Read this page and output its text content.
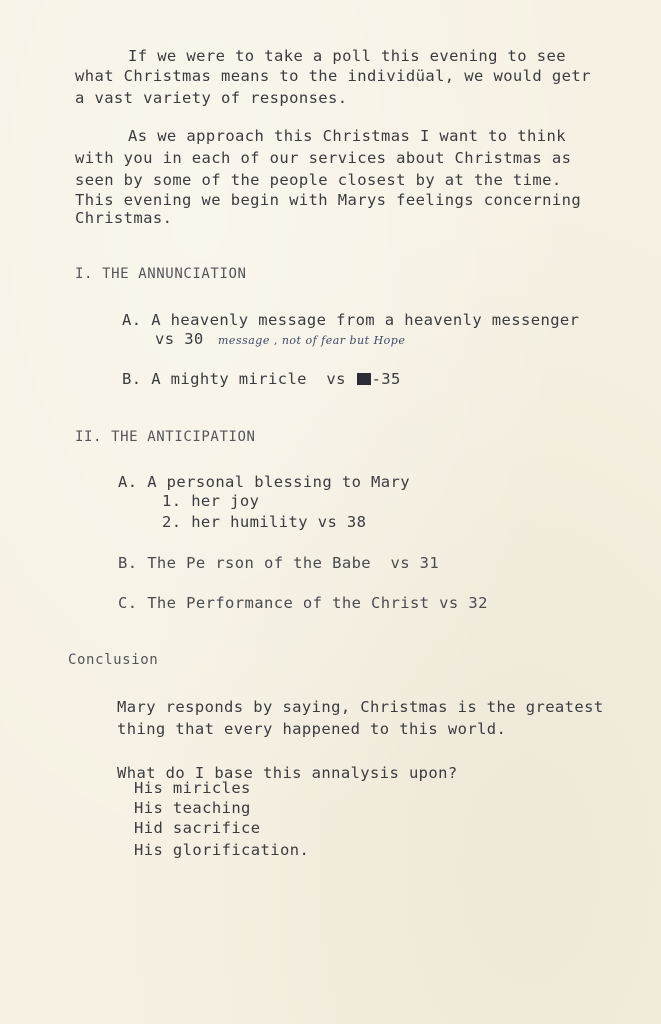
If we were to take a poll this evening to see
what Christmas means to the individüal, we would getr
a vast variety of responses.
As we approach this Christmas I want to think
with you in each of our services about Christmas as
seen by some of the people closest by at the time.
This evening we begin with Marys feelings concerning
Christmas.
I. THE ANNUNCIATION
A. A heavenly message from a heavenly messenger
vs 30 message , not of fear but Hope
B. A mighty miricle  vs -35
II. THE ANTICIPATION
A. A personal blessing to Mary
1. her joy
2. her humility vs 38
B. The Pe rson of the Babe  vs 31
C. The Performance of the Christ vs 32
Conclusion
Mary responds by saying, Christmas is the greatest
thing that every happened to this world.
What do I base this annalysis upon?
His miricles
His teaching
Hid sacrifice
His glorification.
